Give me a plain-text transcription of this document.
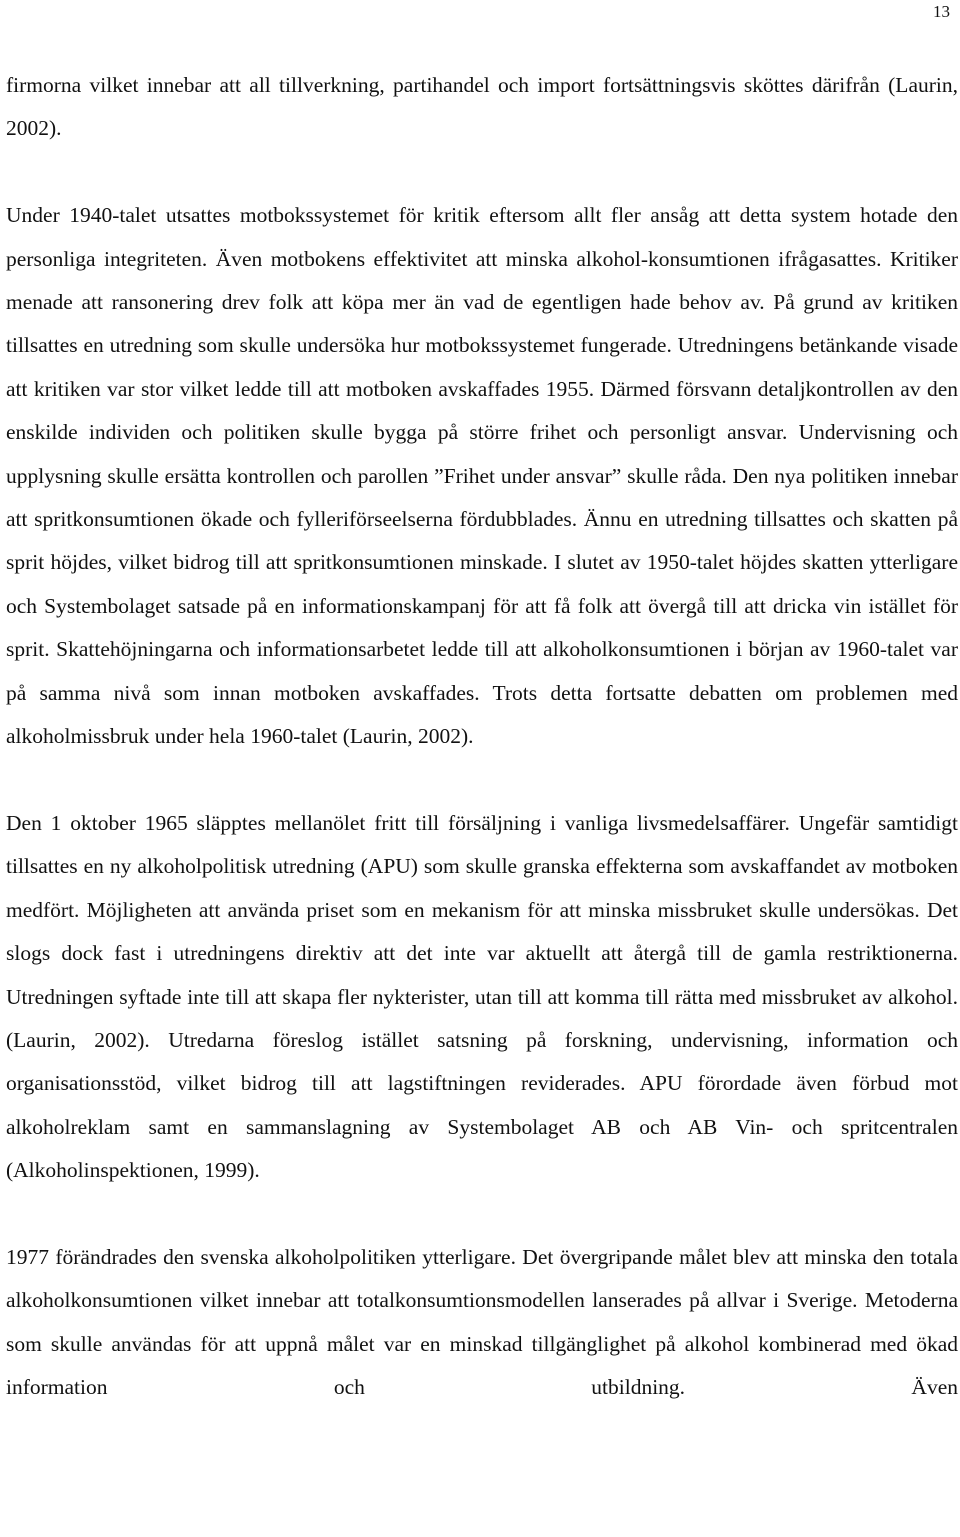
13

firmorna vilket innebar att all tillverkning, partihandel och import fortsättningsvis sköttes därifrån (Laurin, 2002).

Under 1940-talet utsattes motbokssystemet för kritik eftersom allt fler ansåg att detta system hotade den personliga integriteten. Även motbokens effektivitet att minska alkohol-konsumtionen ifrågasattes. Kritiker menade att ransonering drev folk att köpa mer än vad de egentligen hade behov av. På grund av kritiken tillsattes en utredning som skulle undersöka hur motbokssystemet fungerade. Utredningens betänkande visade att kritiken var stor vilket ledde till att motboken avskaffades 1955. Därmed försvann detaljkontrollen av den enskilde individen och politiken skulle bygga på större frihet och personligt ansvar. Undervisning och upplysning skulle ersätta kontrollen och parollen ”Frihet under ansvar” skulle råda. Den nya politiken innebar att spritkonsumtionen ökade och fylleriförseelserna fördubblades. Ännu en utredning tillsattes och skatten på sprit höjdes, vilket bidrog till att spritkonsumtionen minskade. I slutet av 1950-talet höjdes skatten ytterligare och Systembolaget satsade på en informationskampanj för att få folk att övergå till att dricka vin istället för sprit. Skattehöjningarna och informationsarbetet ledde till att alkoholkonsumtionen i början av 1960-talet var på samma nivå som innan motboken avskaffades. Trots detta fortsatte debatten om problemen med alkoholmissbruk under hela 1960-talet (Laurin, 2002).

Den 1 oktober 1965 släpptes mellanölet fritt till försäljning i vanliga livsmedelsaffärer. Ungefär samtidigt tillsattes en ny alkoholpolitisk utredning (APU) som skulle granska effekterna som avskaffandet av motboken medfört. Möjligheten att använda priset som en mekanism för att minska missbruket skulle undersökas. Det slogs dock fast i utredningens direktiv att det inte var aktuellt att återgå till de gamla restriktionerna. Utredningen syftade inte till att skapa fler nykterister, utan till att komma till rätta med missbruket av alkohol. (Laurin, 2002). Utredarna föreslog istället satsning på forskning, undervisning, information och organisationsstöd, vilket bidrog till att lagstiftningen reviderades. APU förordade även förbud mot alkoholreklam samt en sammanslagning av Systembolaget AB och AB Vin- och spritcentralen (Alkoholinspektionen, 1999).

1977 förändrades den svenska alkoholpolitiken ytterligare. Det övergripande målet blev att minska den totala alkoholkonsumtionen vilket innebar att totalkonsumtionsmodellen lanserades på allvar i Sverige. Metoderna som skulle användas för att uppnå målet var en minskad tillgänglighet på alkohol kombinerad med ökad information och utbildning. Även
